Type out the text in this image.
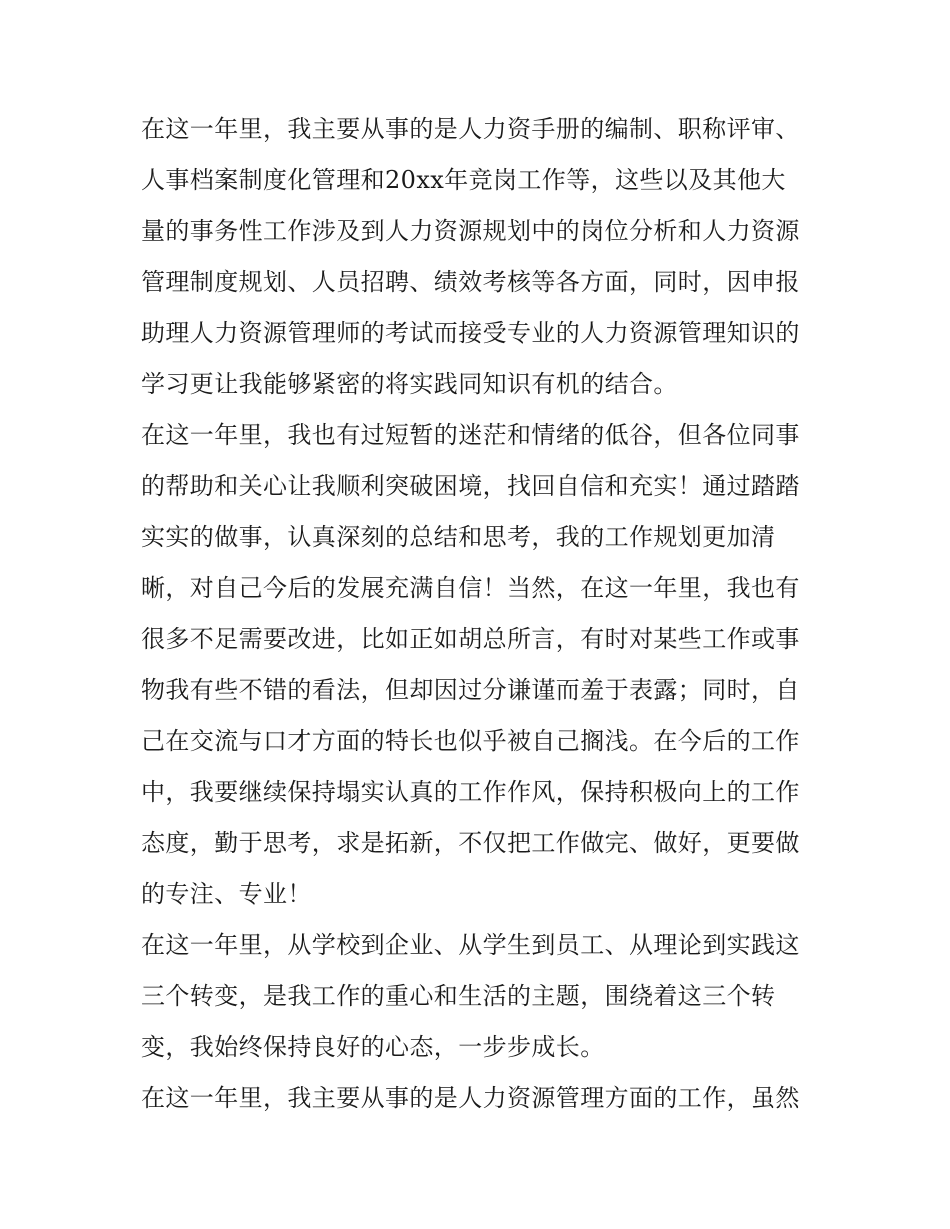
在这一年里，我主要从事的是人力资手册的编制、职称评审、
人事档案制度化管理和20xx年竞岗工作等，这些以及其他大
量的事务性工作涉及到人力资源规划中的岗位分析和人力资源
管理制度规划、人员招聘、绩效考核等各方面，同时，因申报
助理人力资源管理师的考试而接受专业的人力资源管理知识的
学习更让我能够紧密的将实践同知识有机的结合。
在这一年里，我也有过短暂的迷茫和情绪的低谷，但各位同事
的帮助和关心让我顺利突破困境，找回自信和充实！通过踏踏
实实的做事，认真深刻的总结和思考，我的工作规划更加清
晰，对自己今后的发展充满自信！当然，在这一年里，我也有
很多不足需要改进，比如正如胡总所言，有时对某些工作或事
物我有些不错的看法，但却因过分谦谨而羞于表露；同时，自
己在交流与口才方面的特长也似乎被自己搁浅。在今后的工作
中，我要继续保持塌实认真的工作作风，保持积极向上的工作
态度，勤于思考，求是拓新，不仅把工作做完、做好，更要做
的专注、专业！
在这一年里，从学校到企业、从学生到员工、从理论到实践这
三个转变，是我工作的重心和生活的主题，围绕着这三个转
变，我始终保持良好的心态，一步步成长。
在这一年里，我主要从事的是人力资源管理方面的工作，虽然
